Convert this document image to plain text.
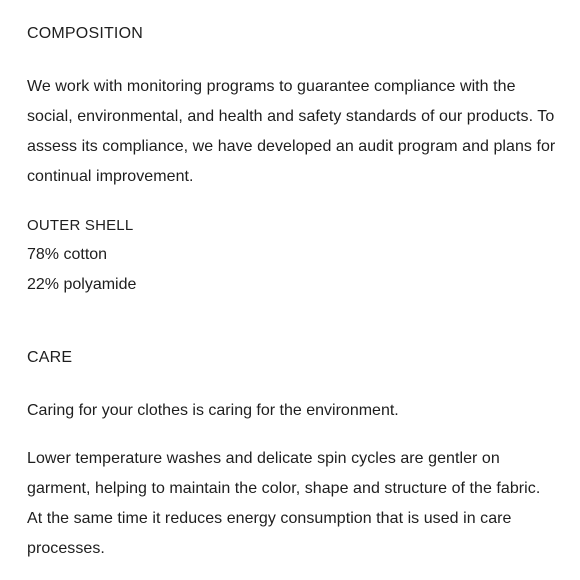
COMPOSITION
We work with monitoring programs to guarantee compliance with the social, environmental, and health and safety standards of our products. To assess its compliance, we have developed an audit program and plans for continual improvement.
OUTER SHELL
78% cotton
22% polyamide
CARE
Caring for your clothes is caring for the environment.
Lower temperature washes and delicate spin cycles are gentler on garment, helping to maintain the color, shape and structure of the fabric. At the same time it reduces energy consumption that is used in care processes.
